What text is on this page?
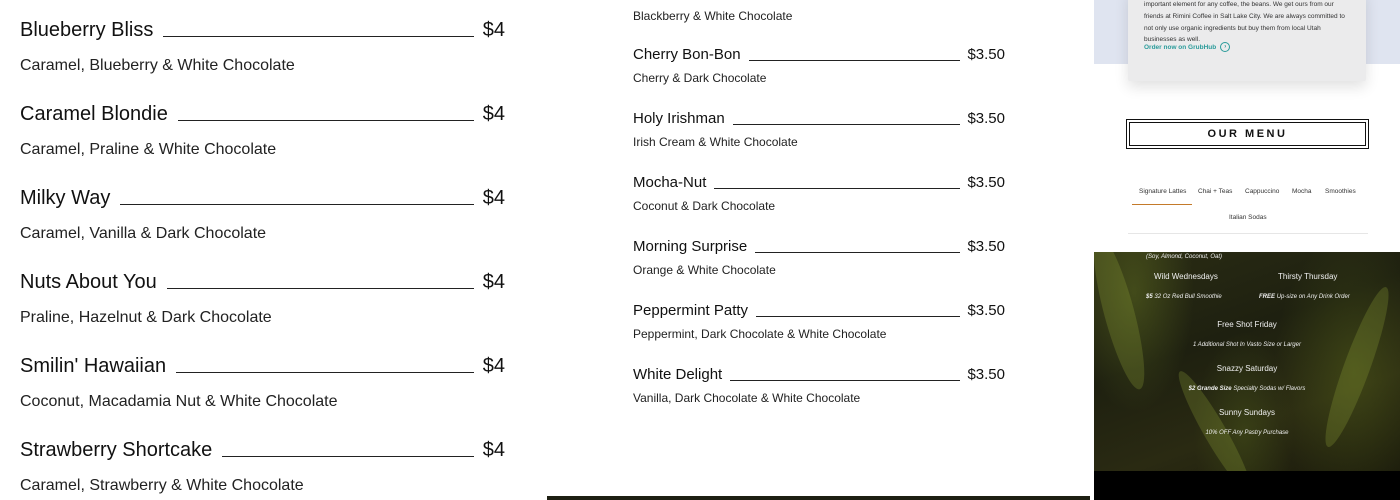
Blueberry Bliss	$4
Caramel, Blueberry & White Chocolate
Caramel Blondie	$4
Caramel, Praline & White Chocolate
Milky Way	$4
Caramel, Vanilla & Dark Chocolate
Nuts About You	$4
Praline, Hazelnut & Dark Chocolate
Smilin' Hawaiian	$4
Coconut, Macadamia Nut & White Chocolate
Strawberry Shortcake	$4
Caramel, Strawberry & White Chocolate
Blackberry & White Chocolate
Cherry Bon-Bon	$3.50
Cherry & Dark Chocolate
Holy Irishman	$3.50
Irish Cream & White Chocolate
Mocha-Nut	$3.50
Coconut & Dark Chocolate
Morning Surprise	$3.50
Orange & White Chocolate
Peppermint Patty	$3.50
Peppermint, Dark Chocolate & White Chocolate
White Delight	$3.50
Vanilla, Dark Chocolate & White Chocolate
important element for any coffee, the beans. We get ours from our
friends at Rimini Coffee in Salt Lake City. We are always committed to
not only use organic ingredients but buy them from local Utah
businesses as well.
Order now on GrubHub	›
OUR MENU
Signature Lattes Chai + Teas Cappuccino Mocha Smoothies
Italian Sodas
(Soy, Almond, Coconut, Oat)
Wild Wednesdays
$5 32 Oz Red Bull Smoothie
Thirsty Thursday
FREE Up-size on Any Drink Order
Free Shot Friday
1 Additional Shot In Vasto Size or Larger
Snazzy Saturday
$2 Grande Size Specialty Sodas w/ Flavors
Sunny Sundays
10% OFF Any Pastry Purchase
